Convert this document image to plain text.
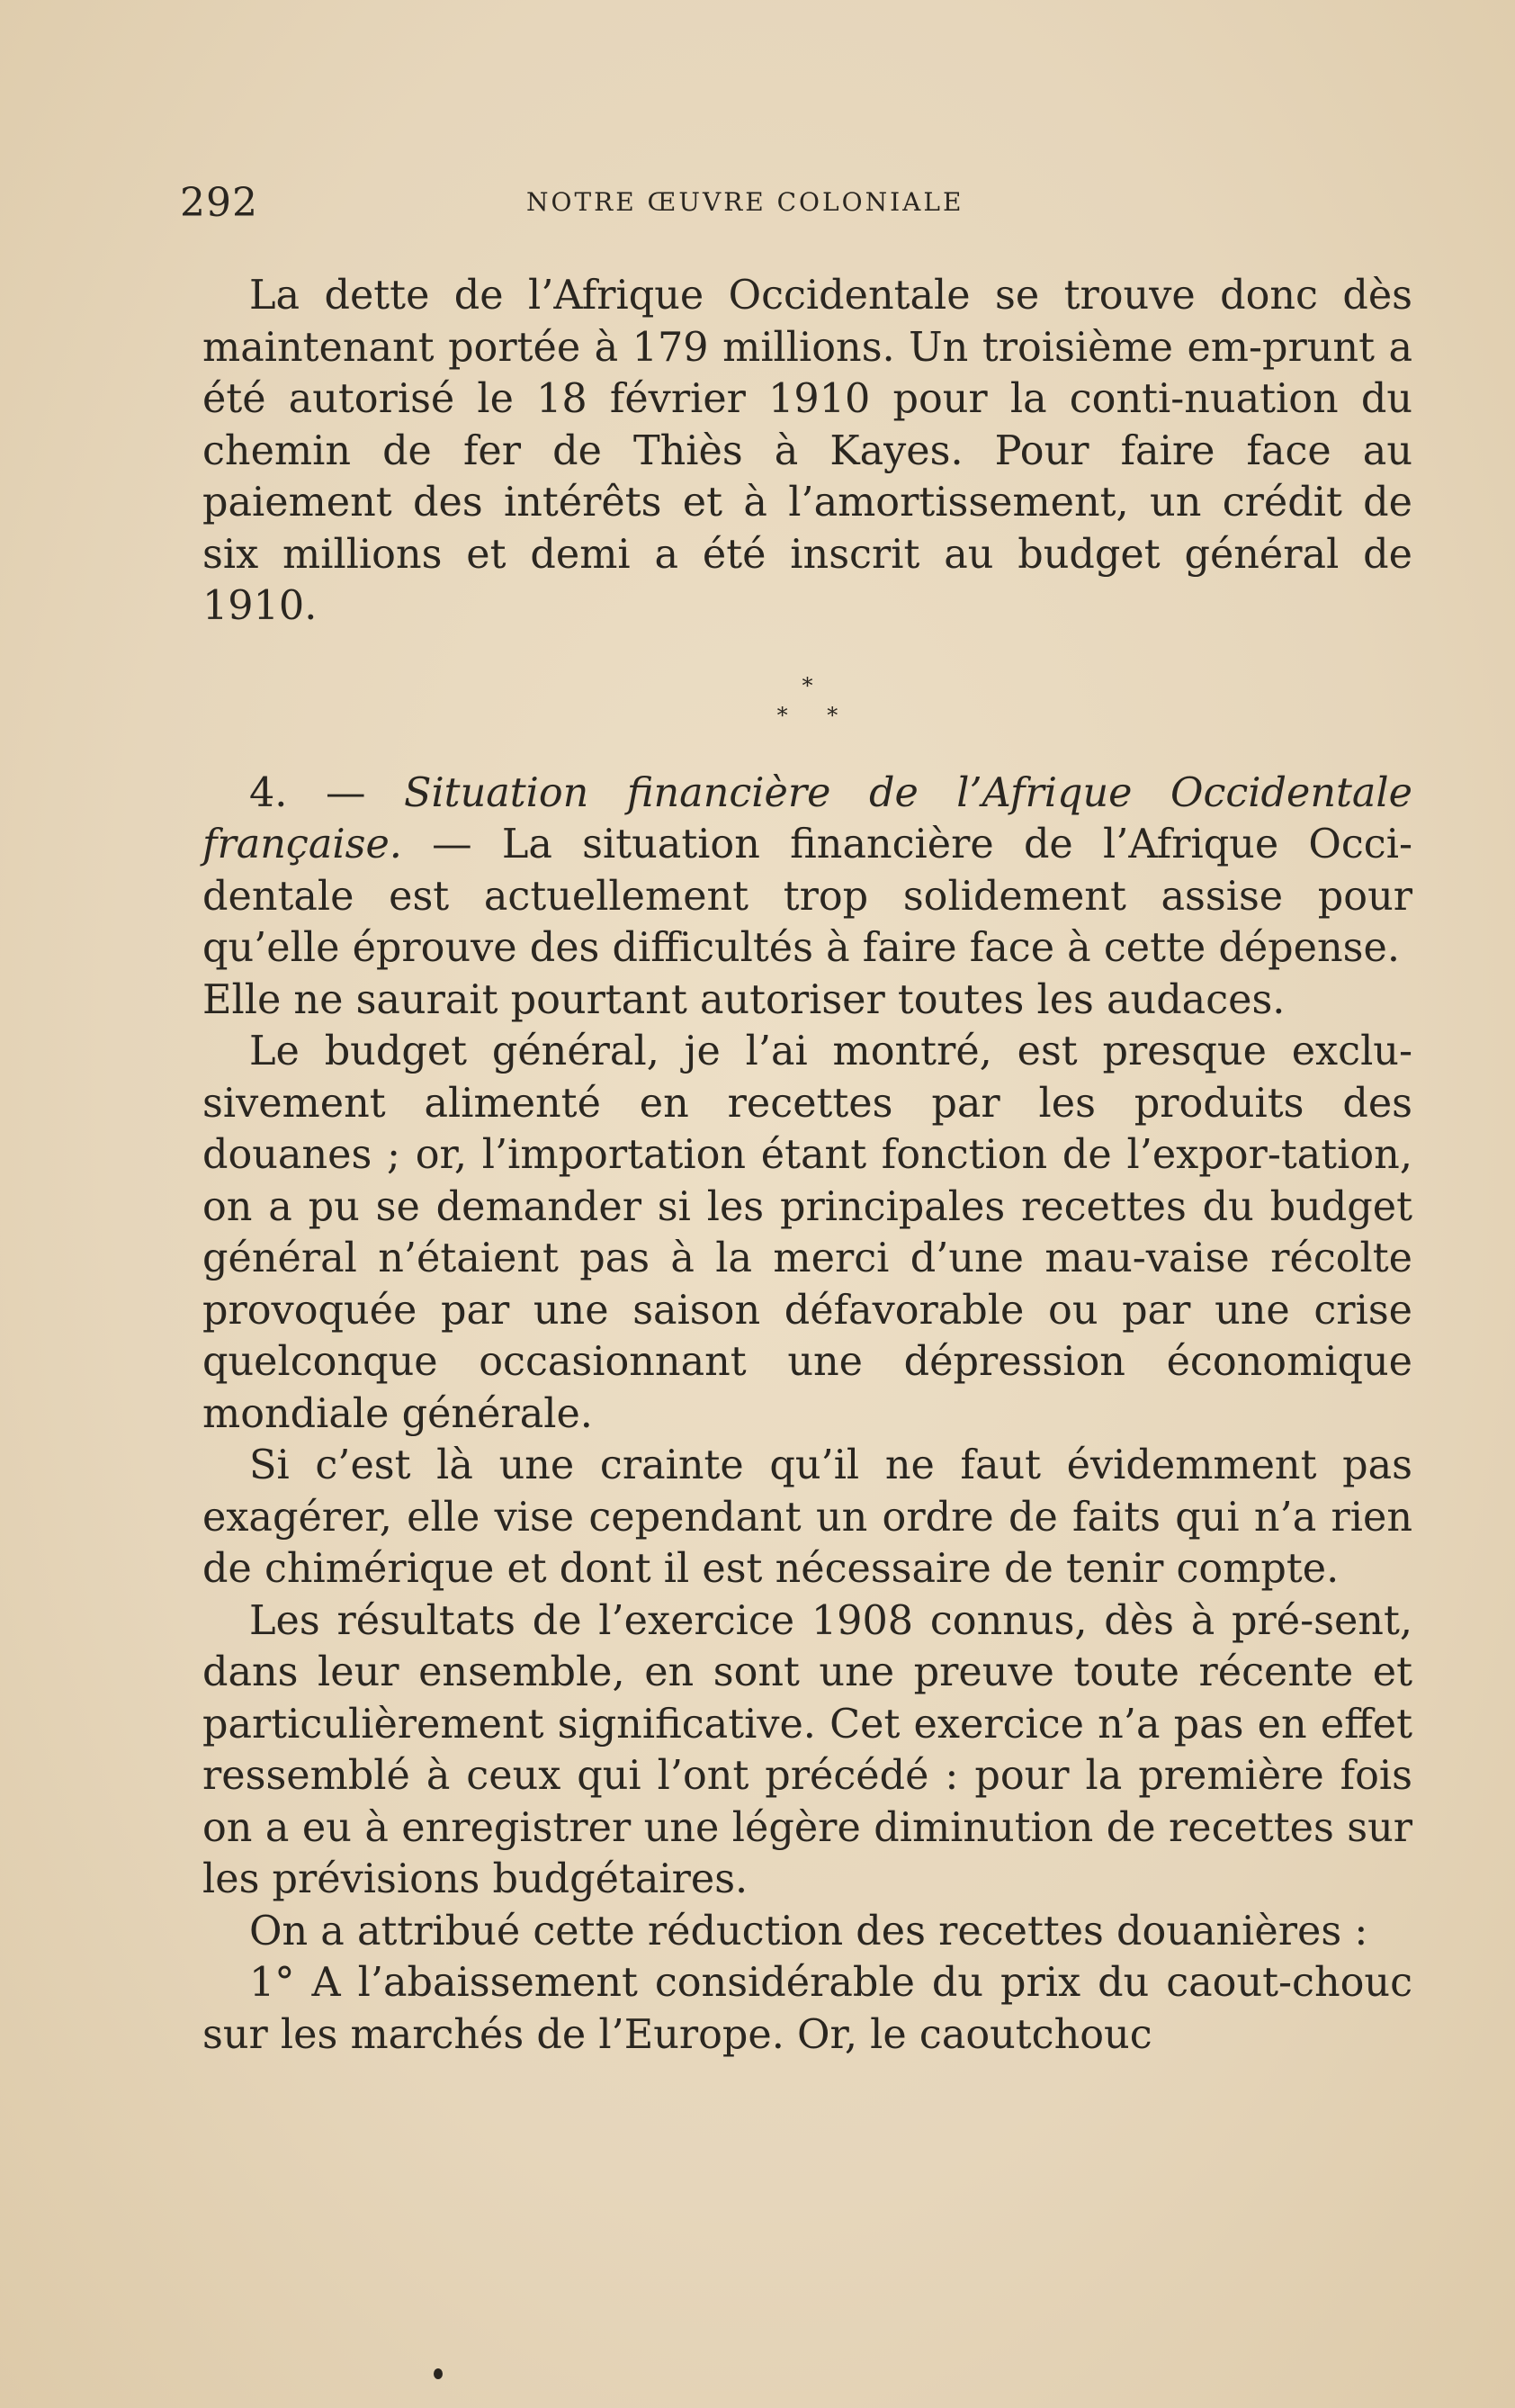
292	NOTRE ŒUVRE COLONIALE

La dette de l’Afrique Occidentale se trouve donc dès maintenant portée à 179 millions. Un troisième em-prunt a été autorisé le 18 février 1910 pour la conti-nuation du chemin de fer de Thiès à Kayes. Pour faire face au paiement des intérêts et à l’amortissement, un crédit de six millions et demi a été inscrit au budget général de 1910.

*
* *

4. — Situation financière de l’Afrique Occidentale française. — La situation financière de l’Afrique Occi-dentale est actuellement trop solidement assise pour qu’elle éprouve des difficultés à faire face à cette dépense.

Elle ne saurait pourtant autoriser toutes les audaces.

Le budget général, je l’ai montré, est presque exclu-sivement alimenté en recettes par les produits des douanes ; or, l’importation étant fonction de l’expor-tation, on a pu se demander si les principales recettes du budget général n’étaient pas à la merci d’une mau-vaise récolte provoquée par une saison défavorable ou par une crise quelconque occasionnant une dépression économique mondiale générale.

Si c’est là une crainte qu’il ne faut évidemment pas exagérer, elle vise cependant un ordre de faits qui n’a rien de chimérique et dont il est nécessaire de tenir compte.

Les résultats de l’exercice 1908 connus, dès à pré-sent, dans leur ensemble, en sont une preuve toute récente et particulièrement significative. Cet exercice n’a pas en effet ressemblé à ceux qui l’ont précédé : pour la première fois on a eu à enregistrer une légère diminution de recettes sur les prévisions budgétaires.

On a attribué cette réduction des recettes douanières :

1° A l’abaissement considérable du prix du caout-chouc sur les marchés de l’Europe. Or, le caoutchouc
